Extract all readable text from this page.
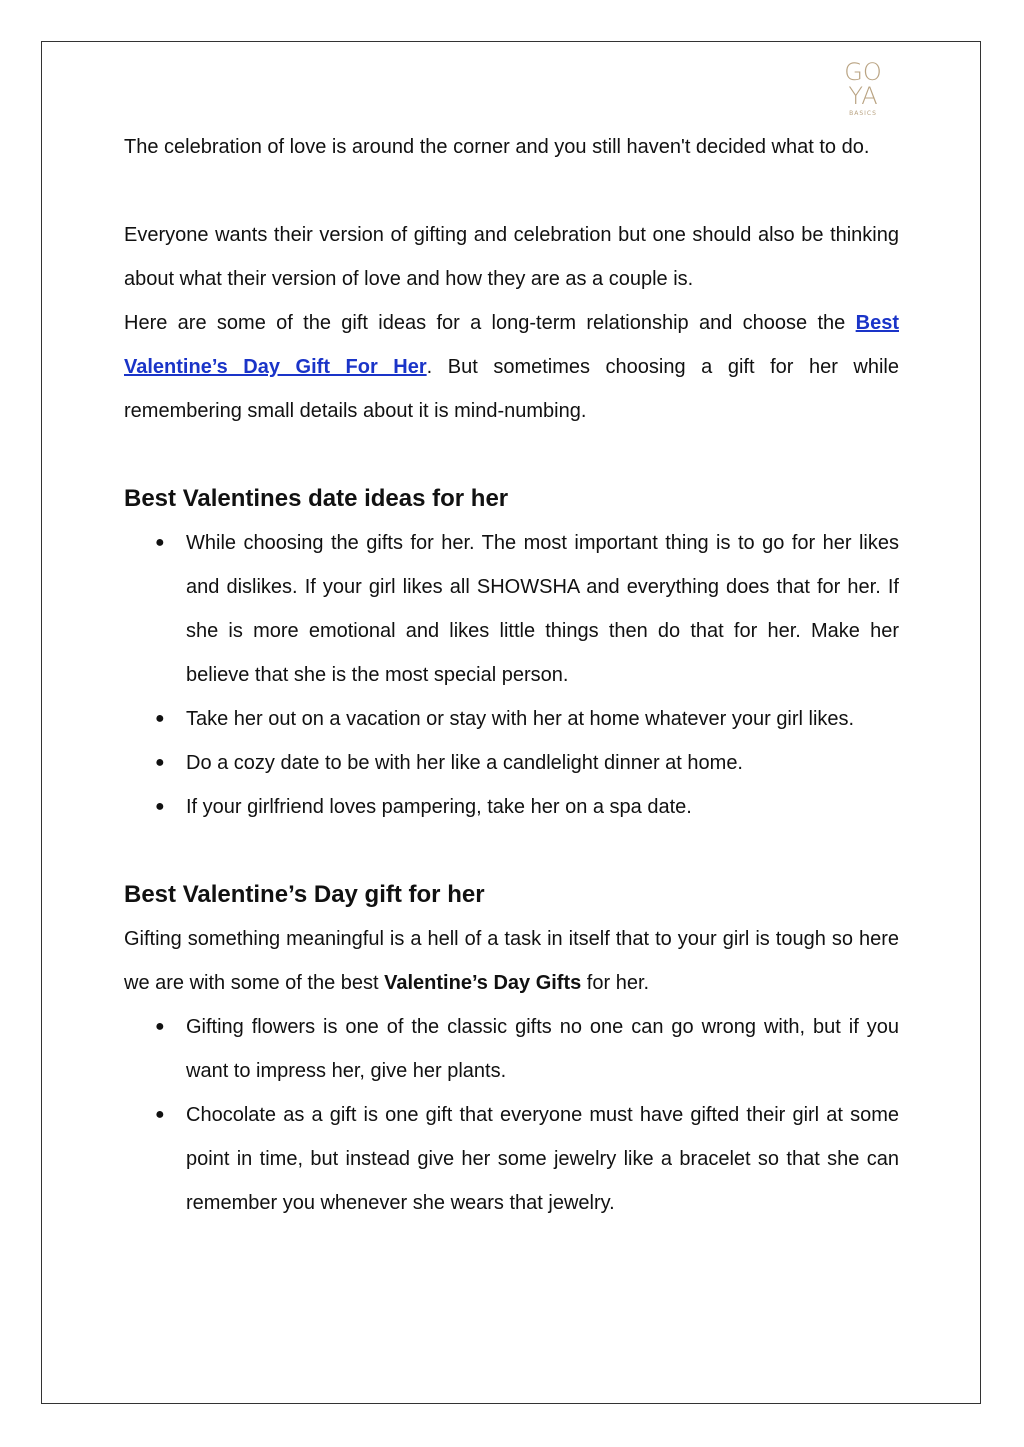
GO
YA
BASICS

The celebration of love is around the corner and you still haven't decided what to do.

Everyone wants their version of gifting and celebration but one should also be thinking about what their version of love and how they are as a couple is.

Here are some of the gift ideas for a long-term relationship and choose the Best Valentine’s Day Gift For Her. But sometimes choosing a gift for her while remembering small details about it is mind-numbing.

Best Valentines date ideas for her
● While choosing the gifts for her. The most important thing is to go for her likes and dislikes. If your girl likes all SHOWSHA and everything does that for her. If she is more emotional and likes little things then do that for her. Make her believe that she is the most special person.
● Take her out on a vacation or stay with her at home whatever your girl likes.
● Do a cozy date to be with her like a candlelight dinner at home.
● If your girlfriend loves pampering, take her on a spa date.
Best Valentine’s Day gift for her

Gifting something meaningful is a hell of a task in itself that to your girl is tough so here we are with some of the best Valentine’s Day Gifts for her.

● Gifting flowers is one of the classic gifts no one can go wrong with, but if you want to impress her, give her plants.
● Chocolate as a gift is one gift that everyone must have gifted their girl at some point in time, but instead give her some jewelry like a bracelet so that she can remember you whenever she wears that jewelry.
